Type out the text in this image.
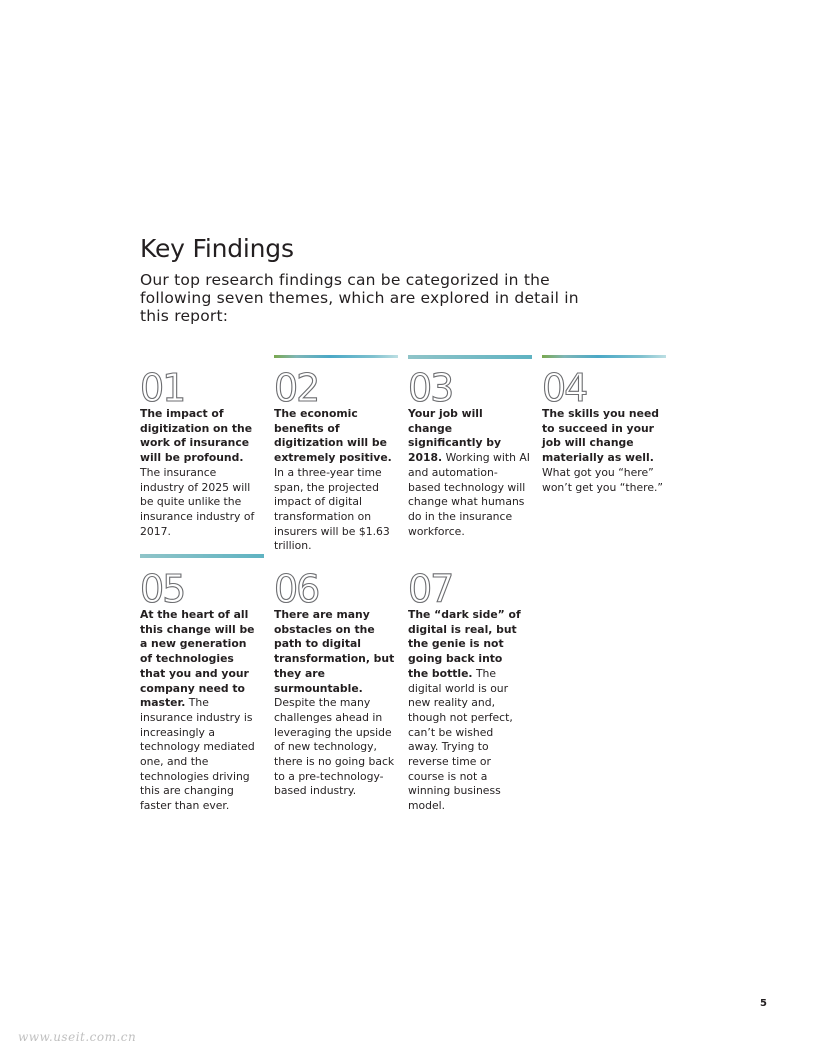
Key Findings

Our top research findings can be categorized in the following seven themes, which are explored in detail in this report:

01

The impact of digitization on the work of insurance will be profound. The insurance industry of 2025 will be quite unlike the insurance industry of 2017.

02

The economic benefits of digitization will be extremely positive. In a three-year time span, the projected impact of digital transformation on insurers will be $1.63 trillion.

03

Your job will change significantly by 2018. Working with AI and automation-based technology will change what humans do in the insurance workforce.

04

The skills you need to succeed in your job will change materially as well. What got you “here” won’t get you “there.”

05

At the heart of all this change will be a new generation of technologies that you and your company need to master. The insurance industry is increasingly a technology mediated one, and the technologies driving this are changing faster than ever.

06

There are many obstacles on the path to digital transformation, but they are surmountable. Despite the many challenges ahead in leveraging the upside of new technology, there is no going back to a pre-technology-based industry.

07

The “dark side” of digital is real, but the genie is not going back into the bottle. The digital world is our new reality and, though not perfect, can’t be wished away. Trying to reverse time or course is not a winning business model.

5
www.useit.com.cn
